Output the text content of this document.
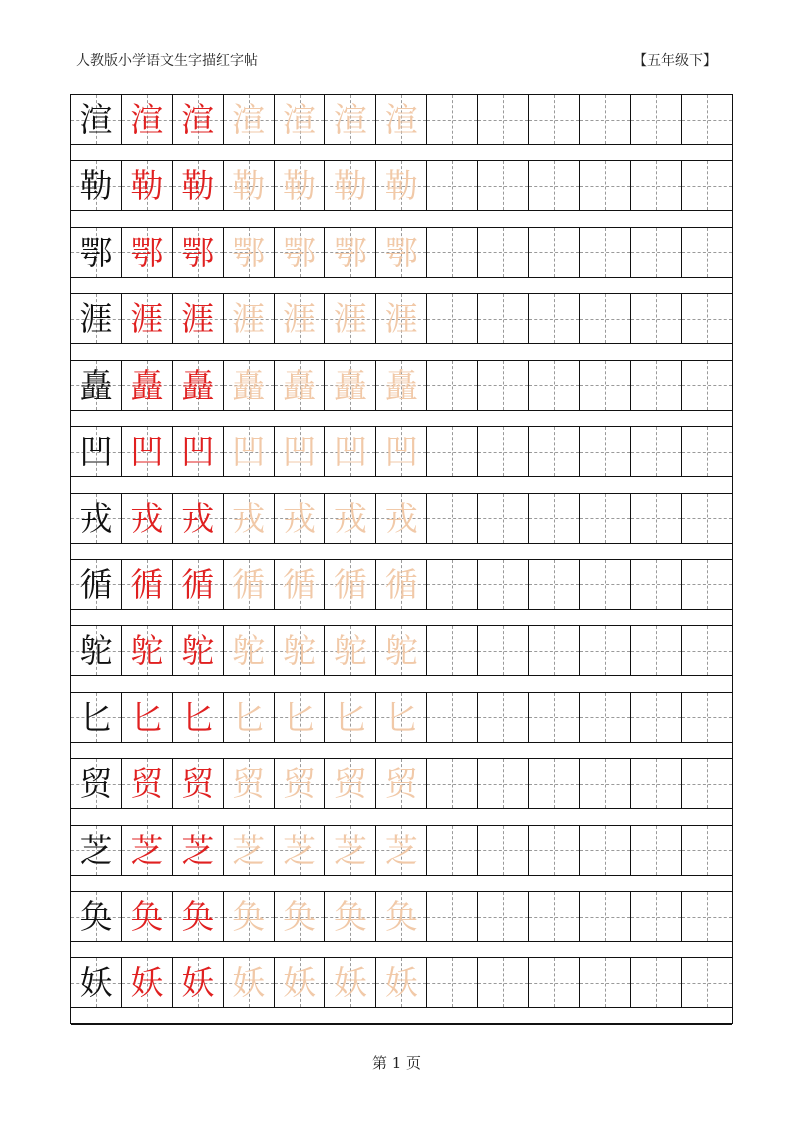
人教版小学语文生字描红字帖	【五年级下】
渲 渲 渲 渲 渲 渲 渲
勒 勒 勒 勒 勒 勒 勒
鄂 鄂 鄂 鄂 鄂 鄂 鄂
涯 涯 涯 涯 涯 涯 涯
矗 矗 矗 矗 矗 矗 矗
凹 凹 凹 凹 凹 凹 凹
戎 戎 戎 戎 戎 戎 戎
循 循 循 循 循 循 循
鸵 鸵 鸵 鸵 鸵 鸵 鸵
匕 匕 匕 匕 匕 匕 匕
贸 贸 贸 贸 贸 贸 贸
芝 芝 芝 芝 芝 芝 芝
奂 奂 奂 奂 奂 奂 奂
妖 妖 妖 妖 妖 妖 妖
第 1 页
